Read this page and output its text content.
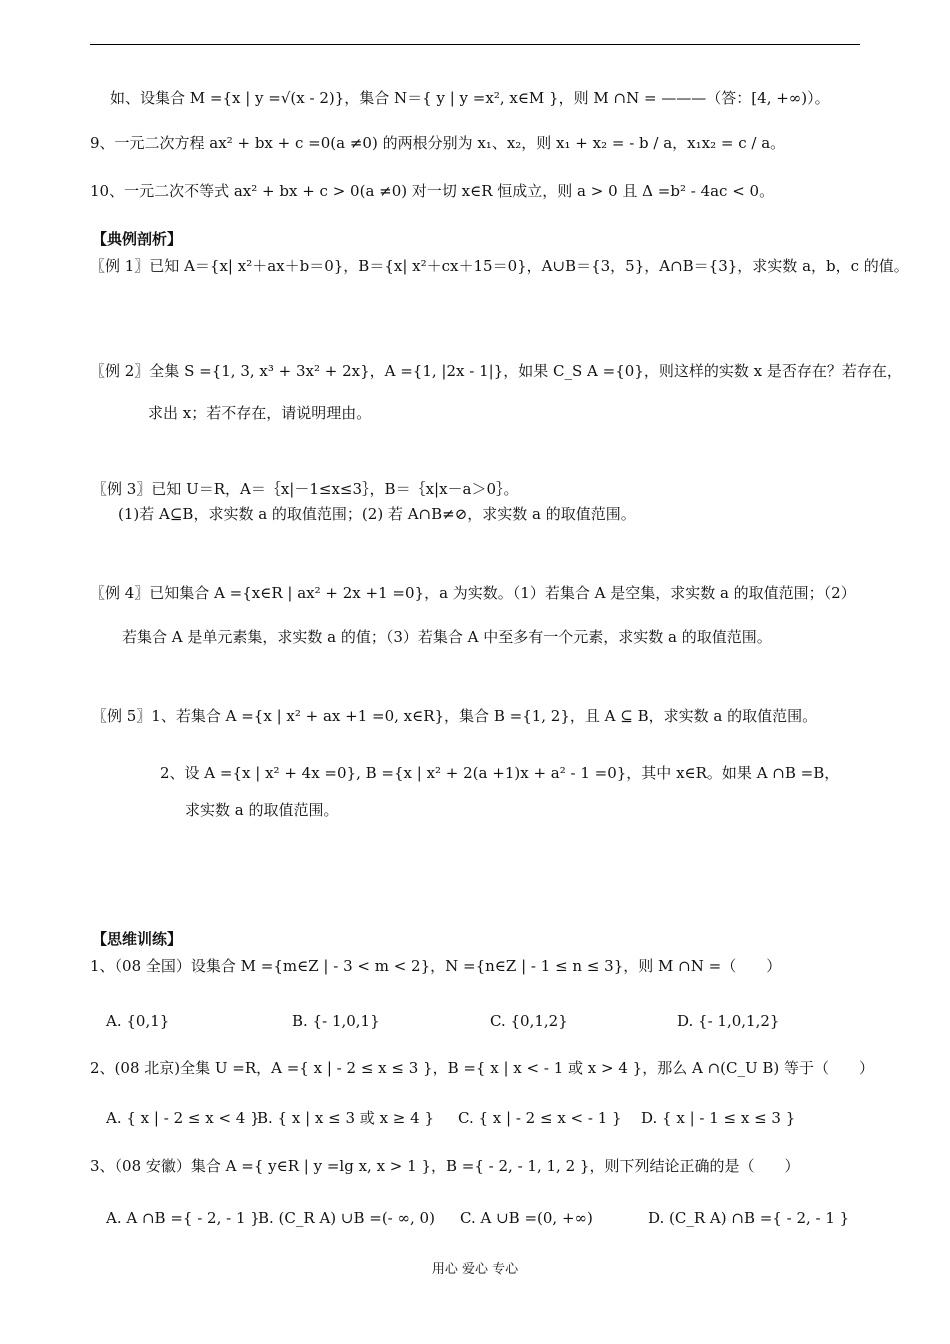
如、设集合 M ={x | y =√(x - 2)}，集合 N＝{ y | y =x², x∈M }，则 M ∩N = ———（答：[4, +∞)）。
9、一元二次方程 ax² + bx + c =0(a ≠0) 的两根分别为 x₁、x₂，则 x₁ + x₂ = - b / a，x₁x₂ = c / a。
10、一元二次不等式 ax² + bx + c > 0(a ≠0) 对一切 x∈R 恒成立，则 a > 0 且 Δ =b² - 4ac < 0。
【典例剖析】
〖例 1〗已知 A＝{x| x²＋ax＋b＝0}，B＝{x| x²＋cx＋15＝0}，A∪B＝{3，5}，A∩B＝{3}，求实数 a，b，c 的值。
〖例 2〗全集 S ={1, 3, x³ + 3x² + 2x}，A ={1, |2x - 1|}，如果 C_S A ={0}，则这样的实数 x 是否存在？若存在，
求出 x；若不存在，请说明理由。
〖例 3〗已知 U＝R，A＝｛x|－1≤x≤3｝，B＝｛x|x－a＞0｝。
(1)若 A⊆B，求实数 a 的取值范围；(2) 若 A∩B≠⊘，求实数 a 的取值范围。
〖例 4〗已知集合 A ={x∈R | ax² + 2x +1 =0}，a 为实数。（1）若集合 A 是空集，求实数 a 的取值范围；（2）
若集合 A 是单元素集，求实数 a 的值；（3）若集合 A 中至多有一个元素，求实数 a 的取值范围。
〖例 5〗1、若集合 A ={x | x² + ax +1 =0, x∈R}，集合 B ={1, 2}，且 A ⊆ B，求实数 a 的取值范围。
2、设 A ={x | x² + 4x =0}, B ={x | x² + 2(a +1)x + a² - 1 =0}，其中 x∈R。如果 A ∩B =B，
求实数 a 的取值范围。
【思维训练】
1、（08 全国）设集合 M ={m∈Z | - 3 < m < 2}，N ={n∈Z | - 1 ≤ n ≤ 3}，则 M ∩N =（　　）
A. {0,1}	B. {- 1,0,1}	C. {0,1,2}	D. {- 1,0,1,2}
2、(08 北京)全集 U =R，A ={ x | - 2 ≤ x ≤ 3 }，B ={ x | x < - 1 或 x > 4 }，那么 A ∩(C_U B) 等于（　　）
A. { x | - 2 ≤ x < 4 }
B. { x | x ≤ 3 或 x ≥ 4 } C. { x | - 2 ≤ x < - 1 } D. { x | - 1 ≤ x ≤ 3 }
3、（08 安徽）集合 A ={ y∈R | y =lg x, x > 1 }，B ={ - 2, - 1, 1, 2 }，则下列结论正确的是（　　）
A. A ∩B ={ - 2, - 1 }
B. (C_R A) ∪B =(- ∞, 0) C. A ∪B =(0, +∞)	D. (C_R A) ∩B ={ - 2, - 1 }
用心 爱心 专心
